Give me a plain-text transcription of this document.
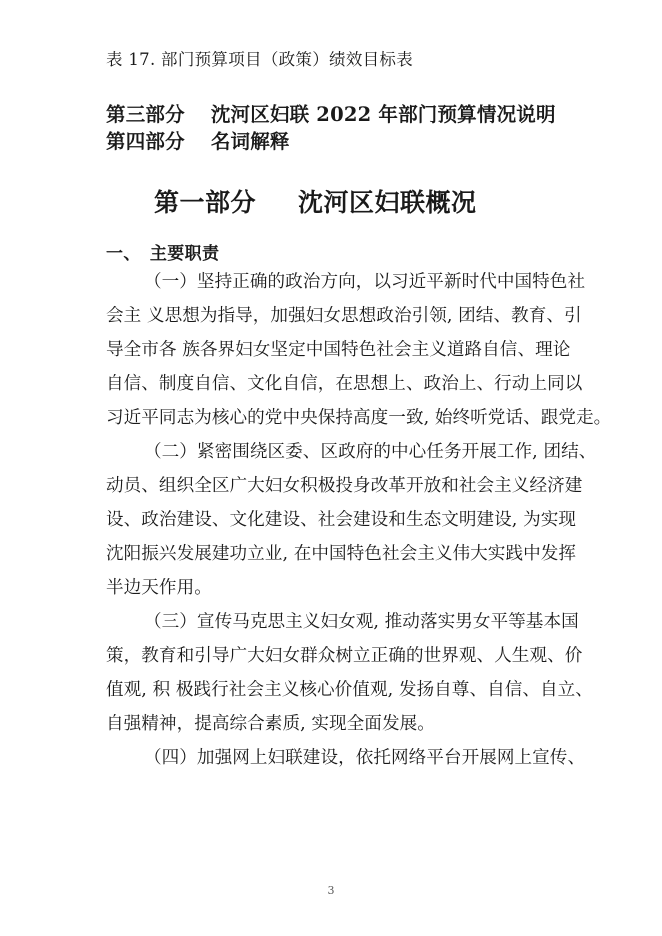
表 17. 部门预算项目（政策）绩效目标表

第三部分 沈河区妇联 2022 年部门预算情况说明

第四部分 名词解释

第一部分 沈河区妇联概况

一、 主要职责

（一）坚持正确的政治方向，以习近平新时代中国特色社
会主 义思想为指导，加强妇女思想政治引领, 团结、教育、引
导全市各 族各界妇女坚定中国特色社会主义道路自信、理论
自信、制度自信、文化自信，在思想上、政治上、行动上同以
习近平同志为核心的党中央保持高度一致, 始终听党话、跟党走。
（二）紧密围绕区委、区政府的中心任务开展工作, 团结、
动员、组织全区广大妇女积极投身改革开放和社会主义经济建
设、政治建设、文化建设、社会建设和生态文明建设, 为实现
沈阳振兴发展建功立业, 在中国特色社会主义伟大实践中发挥
半边天作用。
（三）宣传马克思主义妇女观, 推动落实男女平等基本国
策，教育和引导广大妇女群众树立正确的世界观、人生观、价
值观, 积 极践行社会主义核心价值观, 发扬自尊、自信、自立、
自强精神，提高综合素质, 实现全面发展。
（四）加强网上妇联建设，依托网络平台开展网上宣传、
3
